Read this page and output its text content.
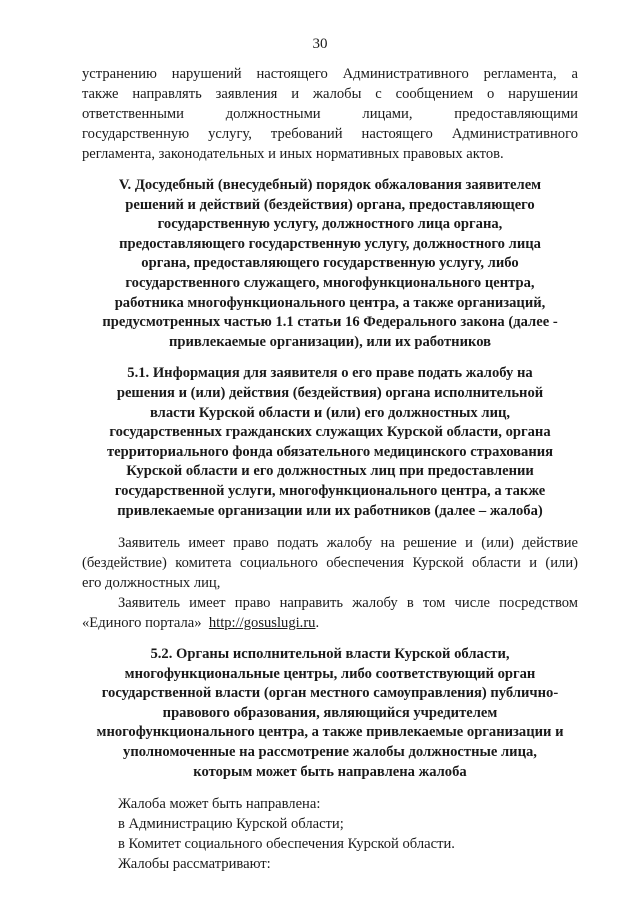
30
устранению нарушений настоящего Административного регламента, а
также направлять заявления и жалобы с сообщением о нарушении
ответственными должностными лицами, предоставляющими
государственную услугу, требований настоящего Административного
регламента, законодательных и иных нормативных правовых актов.
V. Досудебный (внесудебный) порядок обжалования заявителем
решений и действий (бездействия) органа, предоставляющего
государственную услугу, должностного лица органа,
предоставляющего государственную услугу, должностного лица
органа, предоставляющего государственную услугу, либо
государственного служащего, многофункционального центра,
работника многофункционального центра, а также организаций,
предусмотренных частью 1.1 статьи 16 Федерального закона (далее -
привлекаемые организации), или их работников
5.1. Информация для заявителя о его праве подать жалобу на
решения и (или) действия (бездействия) органа исполнительной
власти Курской области и (или) его должностных лиц,
государственных гражданских служащих Курской области, органа
территориального фонда обязательного медицинского страхования
Курской области и его должностных лиц при предоставлении
государственной услуги, многофункционального центра, а также
привлекаемые организации или их работников (далее – жалоба)
Заявитель имеет право подать жалобу на решение и (или) действие
(бездействие) комитета социального обеспечения Курской области и (или)
его должностных лиц,
Заявитель имеет право направить жалобу в том числе посредством
«Единого портала» http://gosuslugi.ru.
5.2. Органы исполнительной власти Курской области,
многофункциональные центры, либо соответствующий орган
государственной власти (орган местного самоуправления) публично-
правового образования, являющийся учредителем
многофункционального центра, а также привлекаемые организации и
уполномоченные на рассмотрение жалобы должностные лица,
которым может быть направлена жалоба
Жалоба может быть направлена:
в Администрацию Курской области;
в Комитет социального обеспечения Курской области.
Жалобы рассматривают:
